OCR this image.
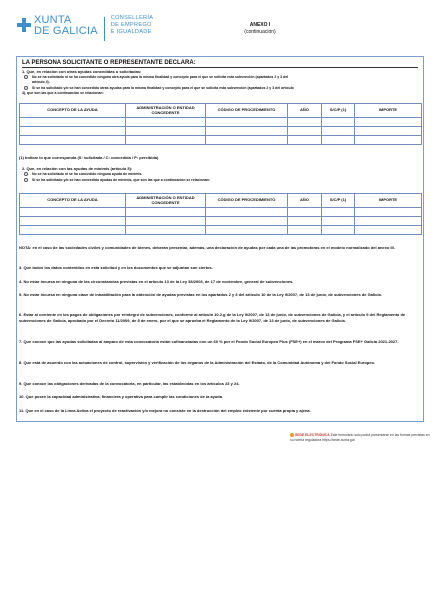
XUNTA
DE GALICIA
CONSELLERÍA
DE EMPREGO
E IGUALDADE
ANEXO I
(continuación)
LA PERSONA SOLICITANTE O REPRESENTANTE DECLARA:
1. Que, en relación con otras ayudas concedidas o solicitadas:
No se ha solicitado ni se ha concedido ninguna otra ayuda para la misma finalidad y concepto para el que se solicita esta subvención (apartados 2 y 3 del
artículo 4).
Sí se ha solicitado y/o se han concedido otras ayudas para la misma finalidad y concepto para el que se solicita esta subvención (apartados 2 y 3 del artículo
4), que son las que a continuación se relacionan:
CONCEPTO DE LA AYUDA	ADMINISTRACIÓN O ENTIDAD CONCEDENTE	CÓDIGO DE PROCEDIMIENTO	AÑO	S/C/P (1)	IMPORTE

(1) Indicar lo que corresponda (S: solicitada / C: concedida / P: percibida)
2. Que, en relación con las ayudas de minimis (artículo 5):
No se ha solicitado ni se ha concedido ninguna ayuda de minimis.
Sí se ha solicitado y/o se han concedido ayudas de minimis, que son las que a continuación se relacionan:
CONCEPTO DE LA AYUDA	ADMINISTRACIÓN O ENTIDAD CONCEDENTE	CÓDIGO DE PROCEDIMIENTO	AÑO	S/C/P (1)	IMPORTE

NOTA: en el caso de las sociedades civiles y comunidades de bienes, deberán presentar, además, una declaración de ayudas por cada una de las promotoras en el modelo normalizado del anexo III.
3. Que todos los datos contenidos en esta solicitud y en los documentos que se adjuntan son ciertos.
4. No estar incursa en ninguna de las circunstancias previstas en el artículo 13 de la Ley 38/2003, de 17 de noviembre, general de subvenciones.
5. No estar incursa en ninguna clase de inhabilitación para la obtención de ayudas previstas en los apartados 2 y 3 del artículo 10 de la Ley 9/2007, de 13 de junio, de subvenciones de Galicia.
6. Estar al corriente en los pagos de obligaciones por reintegro de subvenciones, conforme al artículo 10.2.g de la Ley 9/2007, de 13 de junio, de subvenciones de Galicia, y el artículo 9 del Reglamento de subvenciones de Galicia, aprobado por el Decreto 11/2009, de 8 de enero, por el que se aprueba el Reglamento de la Ley 9/2007, de 13 de junio, de subvenciones de Galicia.
7. Que conoce que las ayudas solicitadas al amparo de esta convocatoria están cofinanciadas con un 60 % por el Fondo Social Europeo Plus (FSE+) en el marco del Programa FSE+ Galicia 2021-2027.
8. Que está de acuerdo con las actuaciones de control, supervisión y verificación de los órganos de la Administración del Estado, de la Comunidad Autónoma y del Fondo Social Europeo.
9. Que conoce las obligaciones derivadas de la convocatoria, en particular, las establecidas en los artículos 23 y 24.
10. Que posee la capacidad administrativa, financiera y operativa para cumplir las condiciones de la ayuda.
11. Que en el caso de la Línea Activa el proyecto de reactivación y/o mejora no consiste en la destrucción del empleo existente por cuenta propia y ajena.
SEDE ELECTRÓNICA Este formulario solo podrá presentarse en las formas previstas en su norma reguladora https://sede.xunta.gal
